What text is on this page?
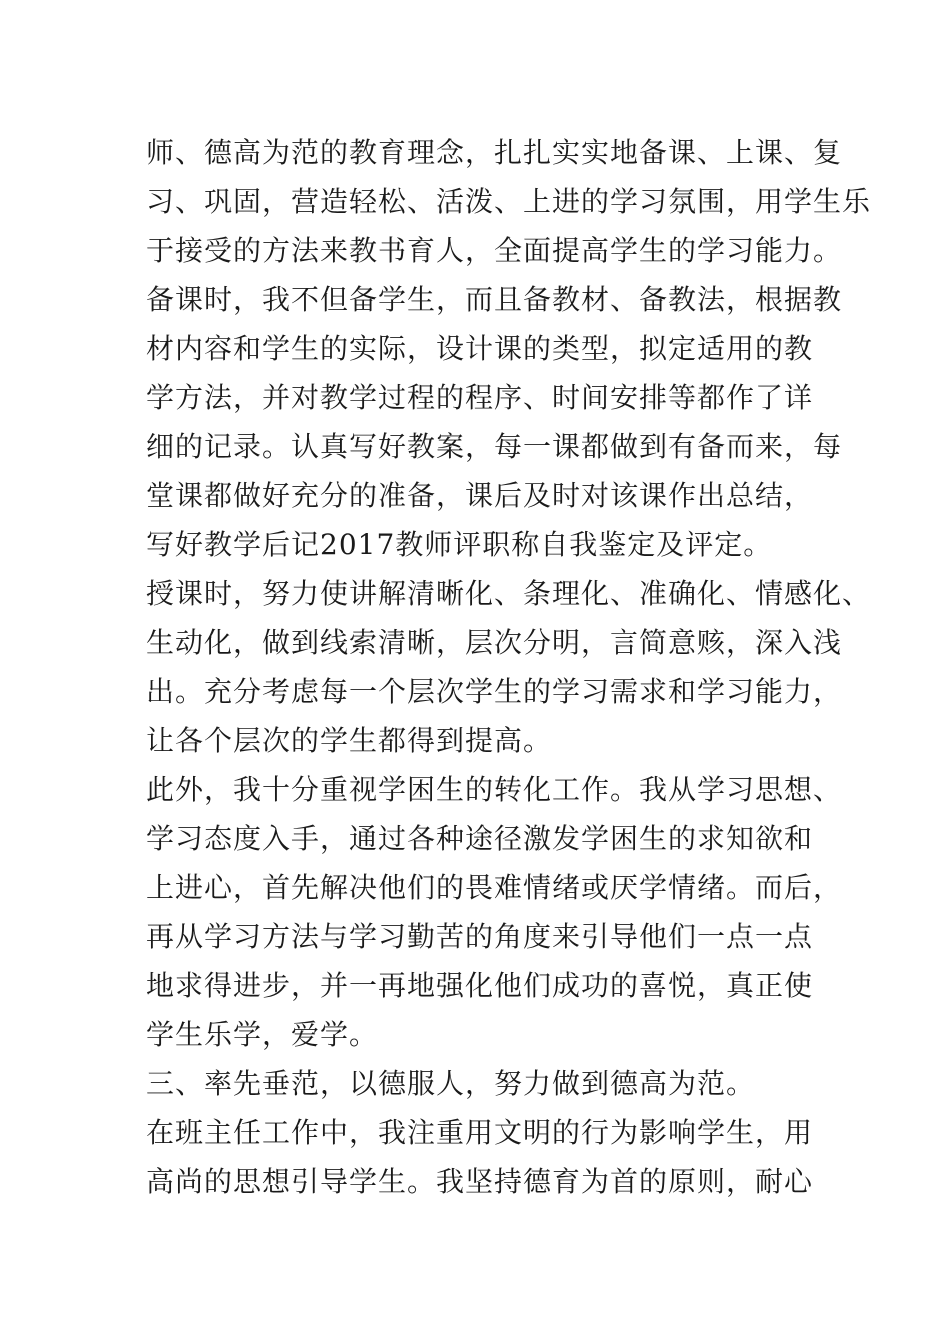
师、德高为范的教育理念，扎扎实实地备课、上课、复
习、巩固，营造轻松、活泼、上进的学习氛围，用学生乐
于接受的方法来教书育人，全面提高学生的学习能力。
备课时，我不但备学生，而且备教材、备教法，根据教
材内容和学生的实际，设计课的类型，拟定适用的教
学方法，并对教学过程的程序、时间安排等都作了详
细的记录。认真写好教案，每一课都做到有备而来，每
堂课都做好充分的准备，课后及时对该课作出总结，
写好教学后记2017教师评职称自我鉴定及评定。
授课时，努力使讲解清晰化、条理化、准确化、情感化、
生动化，做到线索清晰，层次分明，言简意赅，深入浅
出。充分考虑每一个层次学生的学习需求和学习能力，
让各个层次的学生都得到提高。
此外，我十分重视学困生的转化工作。我从学习思想、
学习态度入手，通过各种途径激发学困生的求知欲和
上进心，首先解决他们的畏难情绪或厌学情绪。而后，
再从学习方法与学习勤苦的角度来引导他们一点一点
地求得进步，并一再地强化他们成功的喜悦，真正使
学生乐学，爱学。
三、率先垂范，以德服人，努力做到德高为范。
在班主任工作中，我注重用文明的行为影响学生，用
高尚的思想引导学生。我坚持德育为首的原则，耐心
